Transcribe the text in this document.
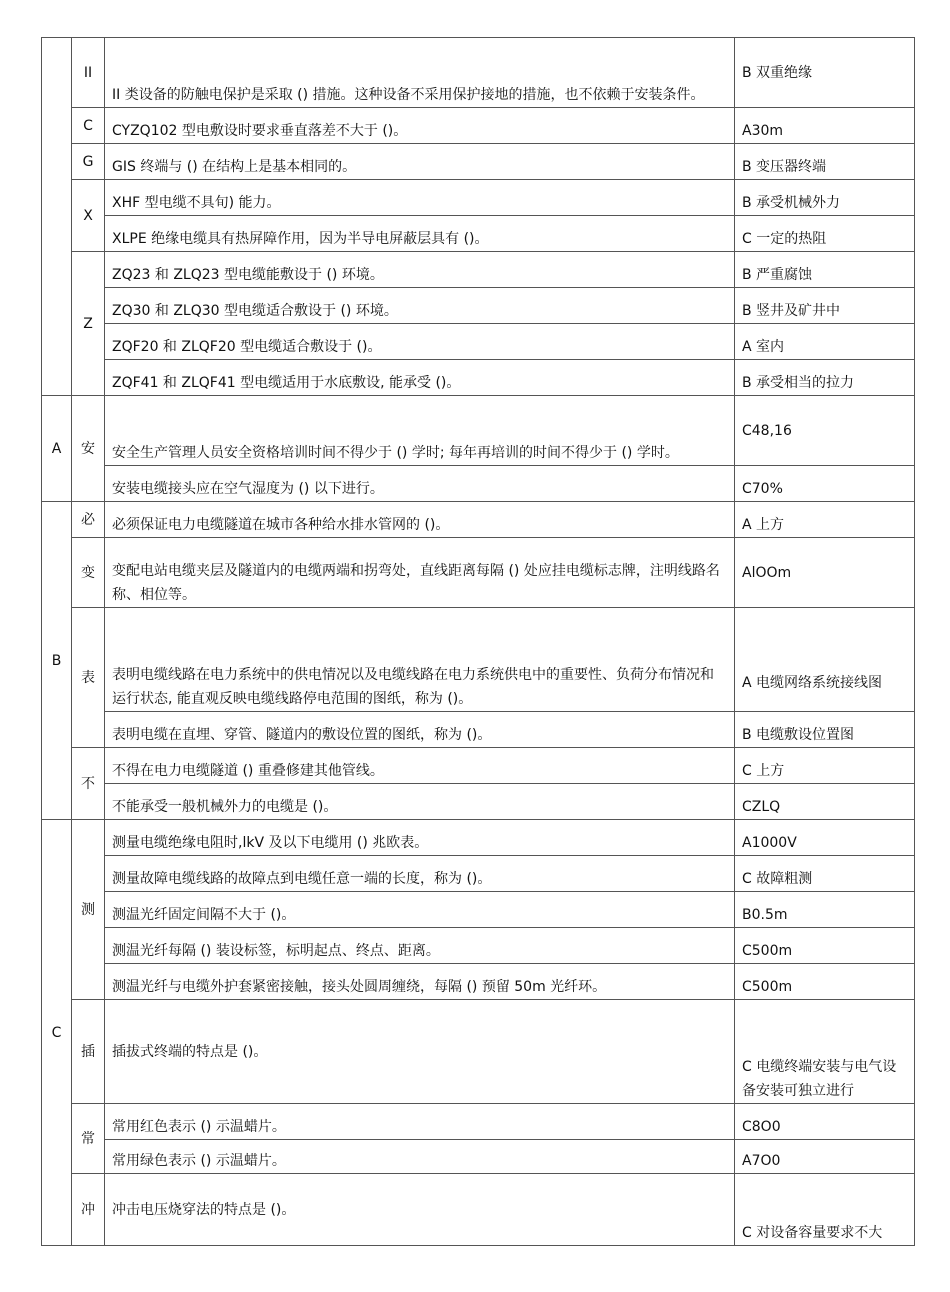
	II	II 类设备的防触电保护是采取 () 措施。这种设备不采用保护接地的措施，也不依赖于安装条件。	B 双重绝缘
	C	CYZQ102 型电敷设时要求垂直落差不大于 ()。	A30m
	G	GIS 终端与 () 在结构上是基本相同的。	B 变压器终端
	X	XHF 型电缆不具旬) 能力。	B 承受机械外力
		XLPE 绝缘电缆具有热屏障作用，因为半导电屏蔽层具有 ()。	C 一定的热阻
	Z	ZQ23 和 ZLQ23 型电缆能敷设于 () 环境。	B 严重腐蚀
		ZQ30 和 ZLQ30 型电缆适合敷设于 () 环境。	B 竖井及矿井中
		ZQF20 和 ZLQF20 型电缆适合敷设于 ()。	A 室内
		ZQF41 和 ZLQF41 型电缆适用于水底敷设, 能承受 ()。	B 承受相当的拉力
A	安	安全生产管理人员安全资格培训时间不得少于 () 学时; 每年再培训的时间不得少于 () 学时。	C48,16
		安装电缆接头应在空气湿度为 () 以下进行。	C70%
B	必	必须保证电力电缆隧道在城市各种给水排水管网的 ()。	A 上方
	变	变配电站电缆夹层及隧道内的电缆两端和拐弯处，直线距离每隔 () 处应挂电缆标志牌，注明线路名称、相位等。	AlOOm
	表	表明电缆线路在电力系统中的供电情况以及电缆线路在电力系统供电中的重要性、负荷分布情况和运行状态, 能直观反映电缆线路停电范围的图纸，称为 ()。	A 电缆网络系统接线图
		表明电缆在直埋、穿管、隧道内的敷设位置的图纸，称为 ()。	B 电缆敷设位置图
	不	不得在电力电缆隧道 () 重叠修建其他管线。	C 上方
		不能承受一般机械外力的电缆是 ()。	CZLQ
C	测	测量电缆绝缘电阻时,lkV 及以下电缆用 () 兆欧表。	A1000V
		测量故障电缆线路的故障点到电缆任意一端的长度，称为 ()。	C 故障粗测
		测温光纤固定间隔不大于 ()。	B0.5m
		测温光纤每隔 () 装设标签，标明起点、终点、距离。	C500m
		测温光纤与电缆外护套紧密接触，接头处圆周缠绕，每隔 () 预留 50m 光纤环。	C500m
	插	插拔式终端的特点是 ()。	C 电缆终端安装与电气设备安装可独立进行
	常	常用红色表示 () 示温蜡片。	C8O0
		常用绿色表示 () 示温蜡片。	A7O0
	冲	冲击电压烧穿法的特点是 ()。	C 对设备容量要求不大
